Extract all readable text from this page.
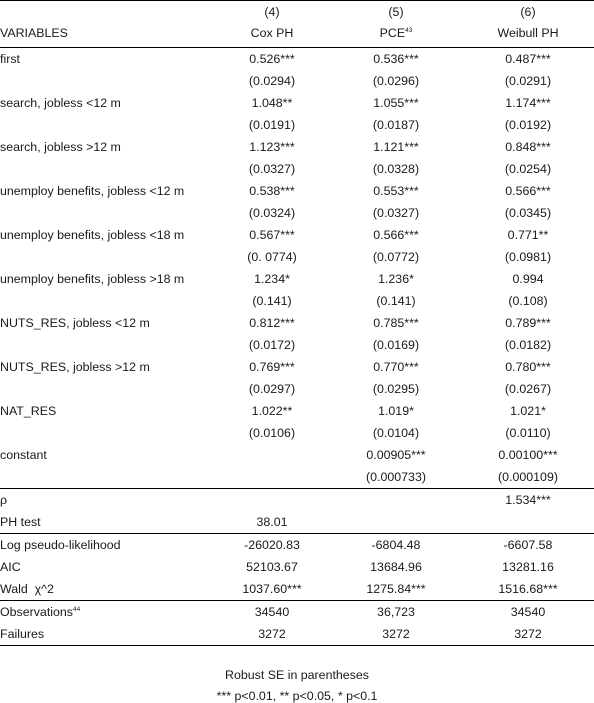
	(4)	(5)	(6)
VARIABLES	Cox PH	PCE$^{43}$	Weibull PH
first	0.526***	0.536***	0.487***
	(0.0294)	(0.0296)	(0.0291)
search, jobless <12 m	1.048**	1.055***	1.174***
	(0.0191)	(0.0187)	(0.0192)
search, jobless >12 m	1.123***	1.121***	0.848***
	(0.0327)	(0.0328)	(0.0254)
unemploy benefits, jobless <12 m	0.538***	0.553***	0.566***
	(0.0324)	(0.0327)	(0.0345)
unemploy benefits, jobless <18 m	0.567***	0.566***	0.771**
	(0. 0774)	(0.0772)	(0.0981)
unemploy benefits, jobless >18 m	1.234*	1.236*	0.994
	(0.141)	(0.141)	(0.108)
NUTS_RES, jobless <12 m	0.812***	0.785***	0.789***
	(0.0172)	(0.0169)	(0.0182)
NUTS_RES, jobless >12 m	0.769***	0.770***	0.780***
	(0.0297)	(0.0295)	(0.0267)
NAT_RES	1.022**	1.019*	1.021*
	(0.0106)	(0.0104)	(0.0110)
constant		0.00905***	0.00100***
		(0.000733)	(0.000109)
ρ			1.534***
PH test	38.01		
Log pseudo-likelihood	-26020.83	-6804.48	-6607.58
AIC	52103.67	13684.96	13281.16
Wald  χ^2	1037.60***	1275.84***	1516.68***
Observations$^{44}$	34540	36,723	34540
Failures	3272	3272	3272
Robust SE in parentheses
*** p<0.01, ** p<0.05, * p<0.1
